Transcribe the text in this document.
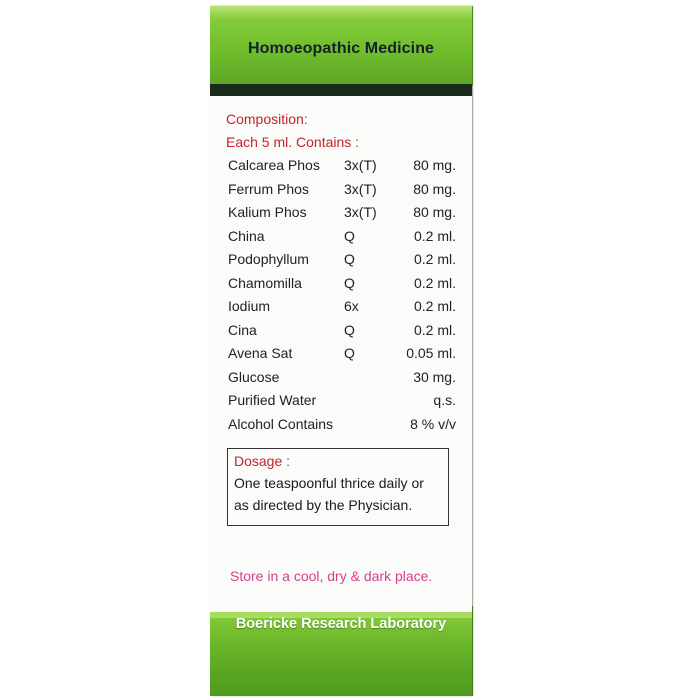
Homoeopathic Medicine
Composition:
Each 5 ml. Contains :
Calcarea Phos 3x(T)	80 mg.
Ferrum Phos	3x(T)	80 mg.
Kalium Phos	3x(T)	80 mg.
China	Q	0.2 ml.
Podophyllum	Q	0.2 ml.
Chamomilla	Q	0.2 ml.
Iodium	6x	0.2 ml.
Cina	Q	0.2 ml.
Avena Sat	Q	0.05 ml.
Glucose	30 mg.
Purified Water	q.s.
Alcohol Contains	8 % v/v
Dosage :
One teaspoonful thrice daily or
as directed by the Physician.
Store in a cool, dry & dark place.
Boericke Research Laboratory
